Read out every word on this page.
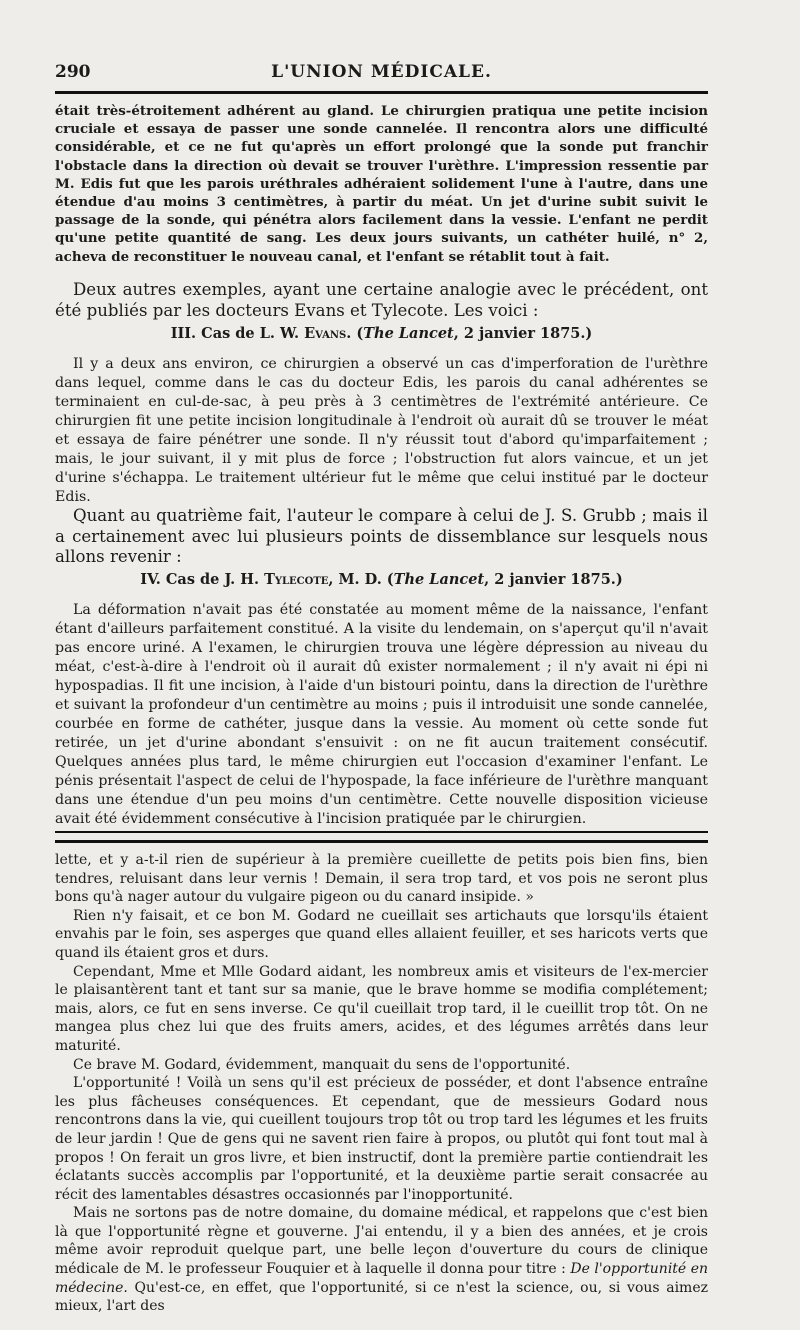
290	L'UNION MÉDICALE.

était très-étroitement adhérent au gland. Le chirurgien pratiqua une petite incision cruciale et essaya de passer une sonde cannelée. Il rencontra alors une difficulté considérable, et ce ne fut qu'après un effort prolongé que la sonde put franchir l'obstacle dans la direction où devait se trouver l'urèthre. L'impression ressentie par M. Edis fut que les parois uréthrales adhéraient solidement l'une à l'autre, dans une étendue d'au moins 3 centimètres, à partir du méat. Un jet d'urine subit suivit le passage de la sonde, qui pénétra alors facilement dans la vessie. L'enfant ne perdit qu'une petite quantité de sang. Les deux jours suivants, un cathéter huilé, n° 2, acheva de reconstituer le nouveau canal, et l'enfant se rétablit tout à fait.

Deux autres exemples, ayant une certaine analogie avec le précédent, ont été publiés par les docteurs Evans et Tylecote. Les voici :

III. Cas de L. W. Evans. (The Lancet, 2 janvier 1875.)

Il y a deux ans environ, ce chirurgien a observé un cas d'imperforation de l'urèthre dans lequel, comme dans le cas du docteur Edis, les parois du canal adhérentes se terminaient en cul-de-sac, à peu près à 3 centimètres de l'extrémité antérieure. Ce chirurgien fit une petite incision longitudinale à l'endroit où aurait dû se trouver le méat et essaya de faire pénétrer une sonde. Il n'y réussit tout d'abord qu'imparfaitement ; mais, le jour suivant, il y mit plus de force ; l'obstruction fut alors vaincue, et un jet d'urine s'échappa. Le traitement ultérieur fut le même que celui institué par le docteur Edis.

Quant au quatrième fait, l'auteur le compare à celui de J. S. Grubb ; mais il a certainement avec lui plusieurs points de dissemblance sur lesquels nous allons revenir :

IV. Cas de J. H. Tylecote, M. D. (The Lancet, 2 janvier 1875.)

La déformation n'avait pas été constatée au moment même de la naissance, l'enfant étant d'ailleurs parfaitement constitué. A la visite du lendemain, on s'aperçut qu'il n'avait pas encore uriné. A l'examen, le chirurgien trouva une légère dépression au niveau du méat, c'est-à-dire à l'endroit où il aurait dû exister normalement ; il n'y avait ni épi ni hypospadias. Il fit une incision, à l'aide d'un bistouri pointu, dans la direction de l'urèthre et suivant la profondeur d'un centimètre au moins ; puis il introduisit une sonde cannelée, courbée en forme de cathéter, jusque dans la vessie. Au moment où cette sonde fut retirée, un jet d'urine abondant s'ensuivit : on ne fit aucun traitement consécutif. Quelques années plus tard, le même chirurgien eut l'occasion d'examiner l'enfant. Le pénis présentait l'aspect de celui de l'hypospade, la face inférieure de l'urèthre manquant dans une étendue d'un peu moins d'un centimètre. Cette nouvelle disposition vicieuse avait été évidemment consécutive à l'incision pratiquée par le chirurgien.

lette, et y a-t-il rien de supérieur à la première cueillette de petits pois bien fins, bien tendres, reluisant dans leur vernis ! Demain, il sera trop tard, et vos pois ne seront plus bons qu'à nager autour du vulgaire pigeon ou du canard insipide. »

Rien n'y faisait, et ce bon M. Godard ne cueillait ses artichauts que lorsqu'ils étaient envahis par le foin, ses asperges que quand elles allaient feuiller, et ses haricots verts que quand ils étaient gros et durs.

Cependant, Mme et Mlle Godard aidant, les nombreux amis et visiteurs de l'ex-mercier le plaisantèrent tant et tant sur sa manie, que le brave homme se modifia complétement; mais, alors, ce fut en sens inverse. Ce qu'il cueillait trop tard, il le cueillit trop tôt. On ne mangea plus chez lui que des fruits amers, acides, et des légumes arrêtés dans leur maturité.

Ce brave M. Godard, évidemment, manquait du sens de l'opportunité.

L'opportunité ! Voilà un sens qu'il est précieux de posséder, et dont l'absence entraîne les plus fâcheuses conséquences. Et cependant, que de messieurs Godard nous rencontrons dans la vie, qui cueillent toujours trop tôt ou trop tard les légumes et les fruits de leur jardin ! Que de gens qui ne savent rien faire à propos, ou plutôt qui font tout mal à propos ! On ferait un gros livre, et bien instructif, dont la première partie contiendrait les éclatants succès accomplis par l'opportunité, et la deuxième partie serait consacrée au récit des lamentables désastres occasionnés par l'inopportunité.

Mais ne sortons pas de notre domaine, du domaine médical, et rappelons que c'est bien là que l'opportunité règne et gouverne. J'ai entendu, il y a bien des années, et je crois même avoir reproduit quelque part, une belle leçon d'ouverture du cours de clinique médicale de M. le professeur Fouquier et à laquelle il donna pour titre : De l'opportunité en médecine. Qu'est-ce, en effet, que l'opportunité, si ce n'est la science, ou, si vous aimez mieux, l'art des
